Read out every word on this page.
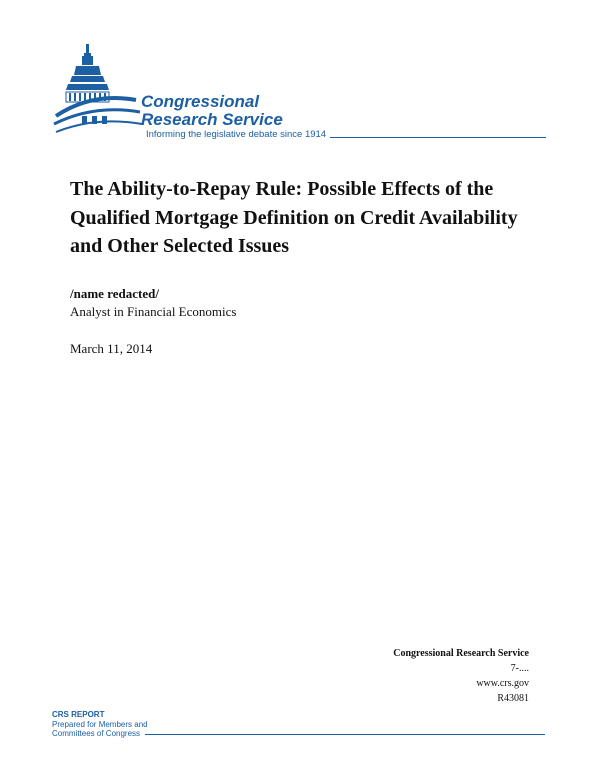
Congressional
Research Service
Informing the legislative debate since 1914
The Ability-to-Repay Rule: Possible Effects of the Qualified Mortgage Definition on Credit Availability and Other Selected Issues
/name redacted/
Analyst in Financial Economics
March 11, 2014
Congressional Research Service
7-....
www.crs.gov
R43081
CRS REPORT
Prepared for Members and
Committees of Congress
